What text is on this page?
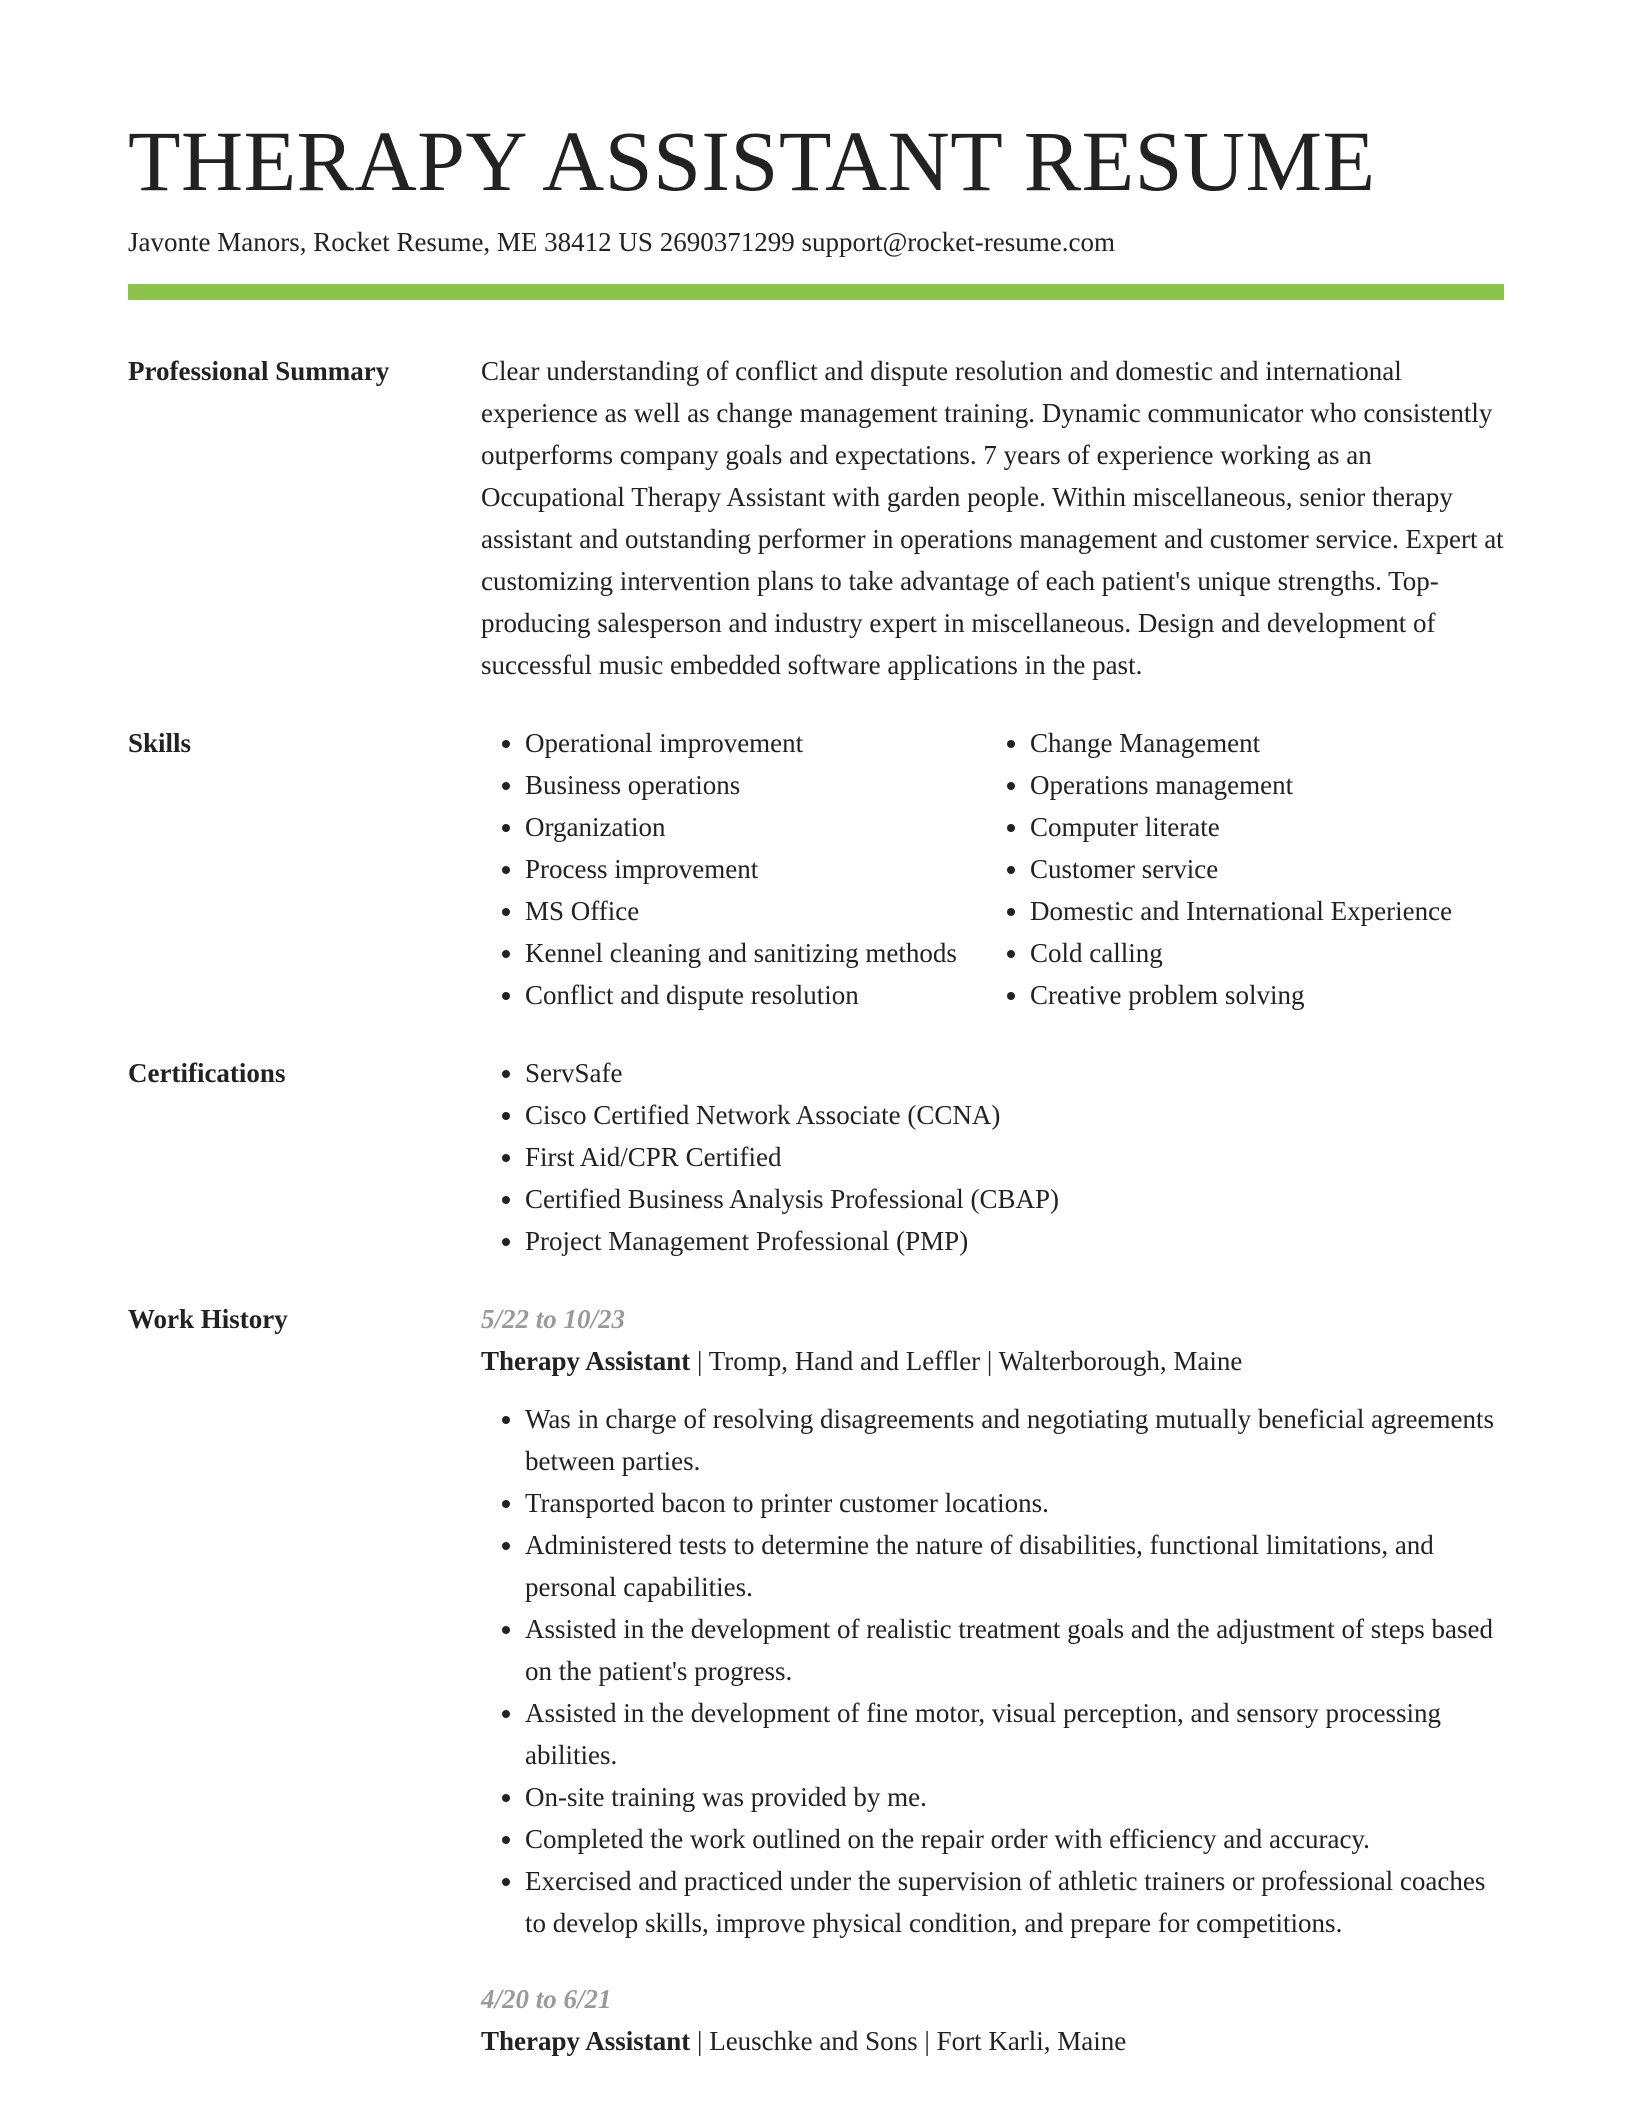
THERAPY ASSISTANT RESUME
Javonte Manors, Rocket Resume, ME 38412 US 2690371299 support@rocket-resume.com
Professional Summary	Clear understanding of conflict and dispute resolution and domestic and international experience as well as change management training. Dynamic communicator who consistently outperforms company goals and expectations. 7 years of experience working as an Occupational Therapy Assistant with garden people. Within miscellaneous, senior therapy assistant and outstanding performer in operations management and customer service. Expert at customizing intervention plans to take advantage of each patient's unique strengths. Top-producing salesperson and industry expert in miscellaneous. Design and development of successful music embedded software applications in the past.

Skills	• Operational improvement
• Business operations
• Organization
• Process improvement
• MS Office
• Kennel cleaning and sanitizing methods
• Conflict and dispute resolution
• Change Management
• Operations management
• Computer literate
• Customer service
• Domestic and International Experience
• Cold calling
• Creative problem solving
Certifications	• ServSafe
• Cisco Certified Network Associate (CCNA)
• First Aid/CPR Certified
• Certified Business Analysis Professional (CBAP)
• Project Management Professional (PMP)
Work History	5/22 to 10/23
Therapy Assistant | Tromp, Hand and Leffler | Walterborough, Maine
• Was in charge of resolving disagreements and negotiating mutually beneficial agreements between parties.
• Transported bacon to printer customer locations.
• Administered tests to determine the nature of disabilities, functional limitations, and personal capabilities.
• Assisted in the development of realistic treatment goals and the adjustment of steps based on the patient's progress.
• Assisted in the development of fine motor, visual perception, and sensory processing abilities.
• On-site training was provided by me.
• Completed the work outlined on the repair order with efficiency and accuracy.
• Exercised and practiced under the supervision of athletic trainers or professional coaches to develop skills, improve physical condition, and prepare for competitions.
4/20 to 6/21
Therapy Assistant | Leuschke and Sons | Fort Karli, Maine
